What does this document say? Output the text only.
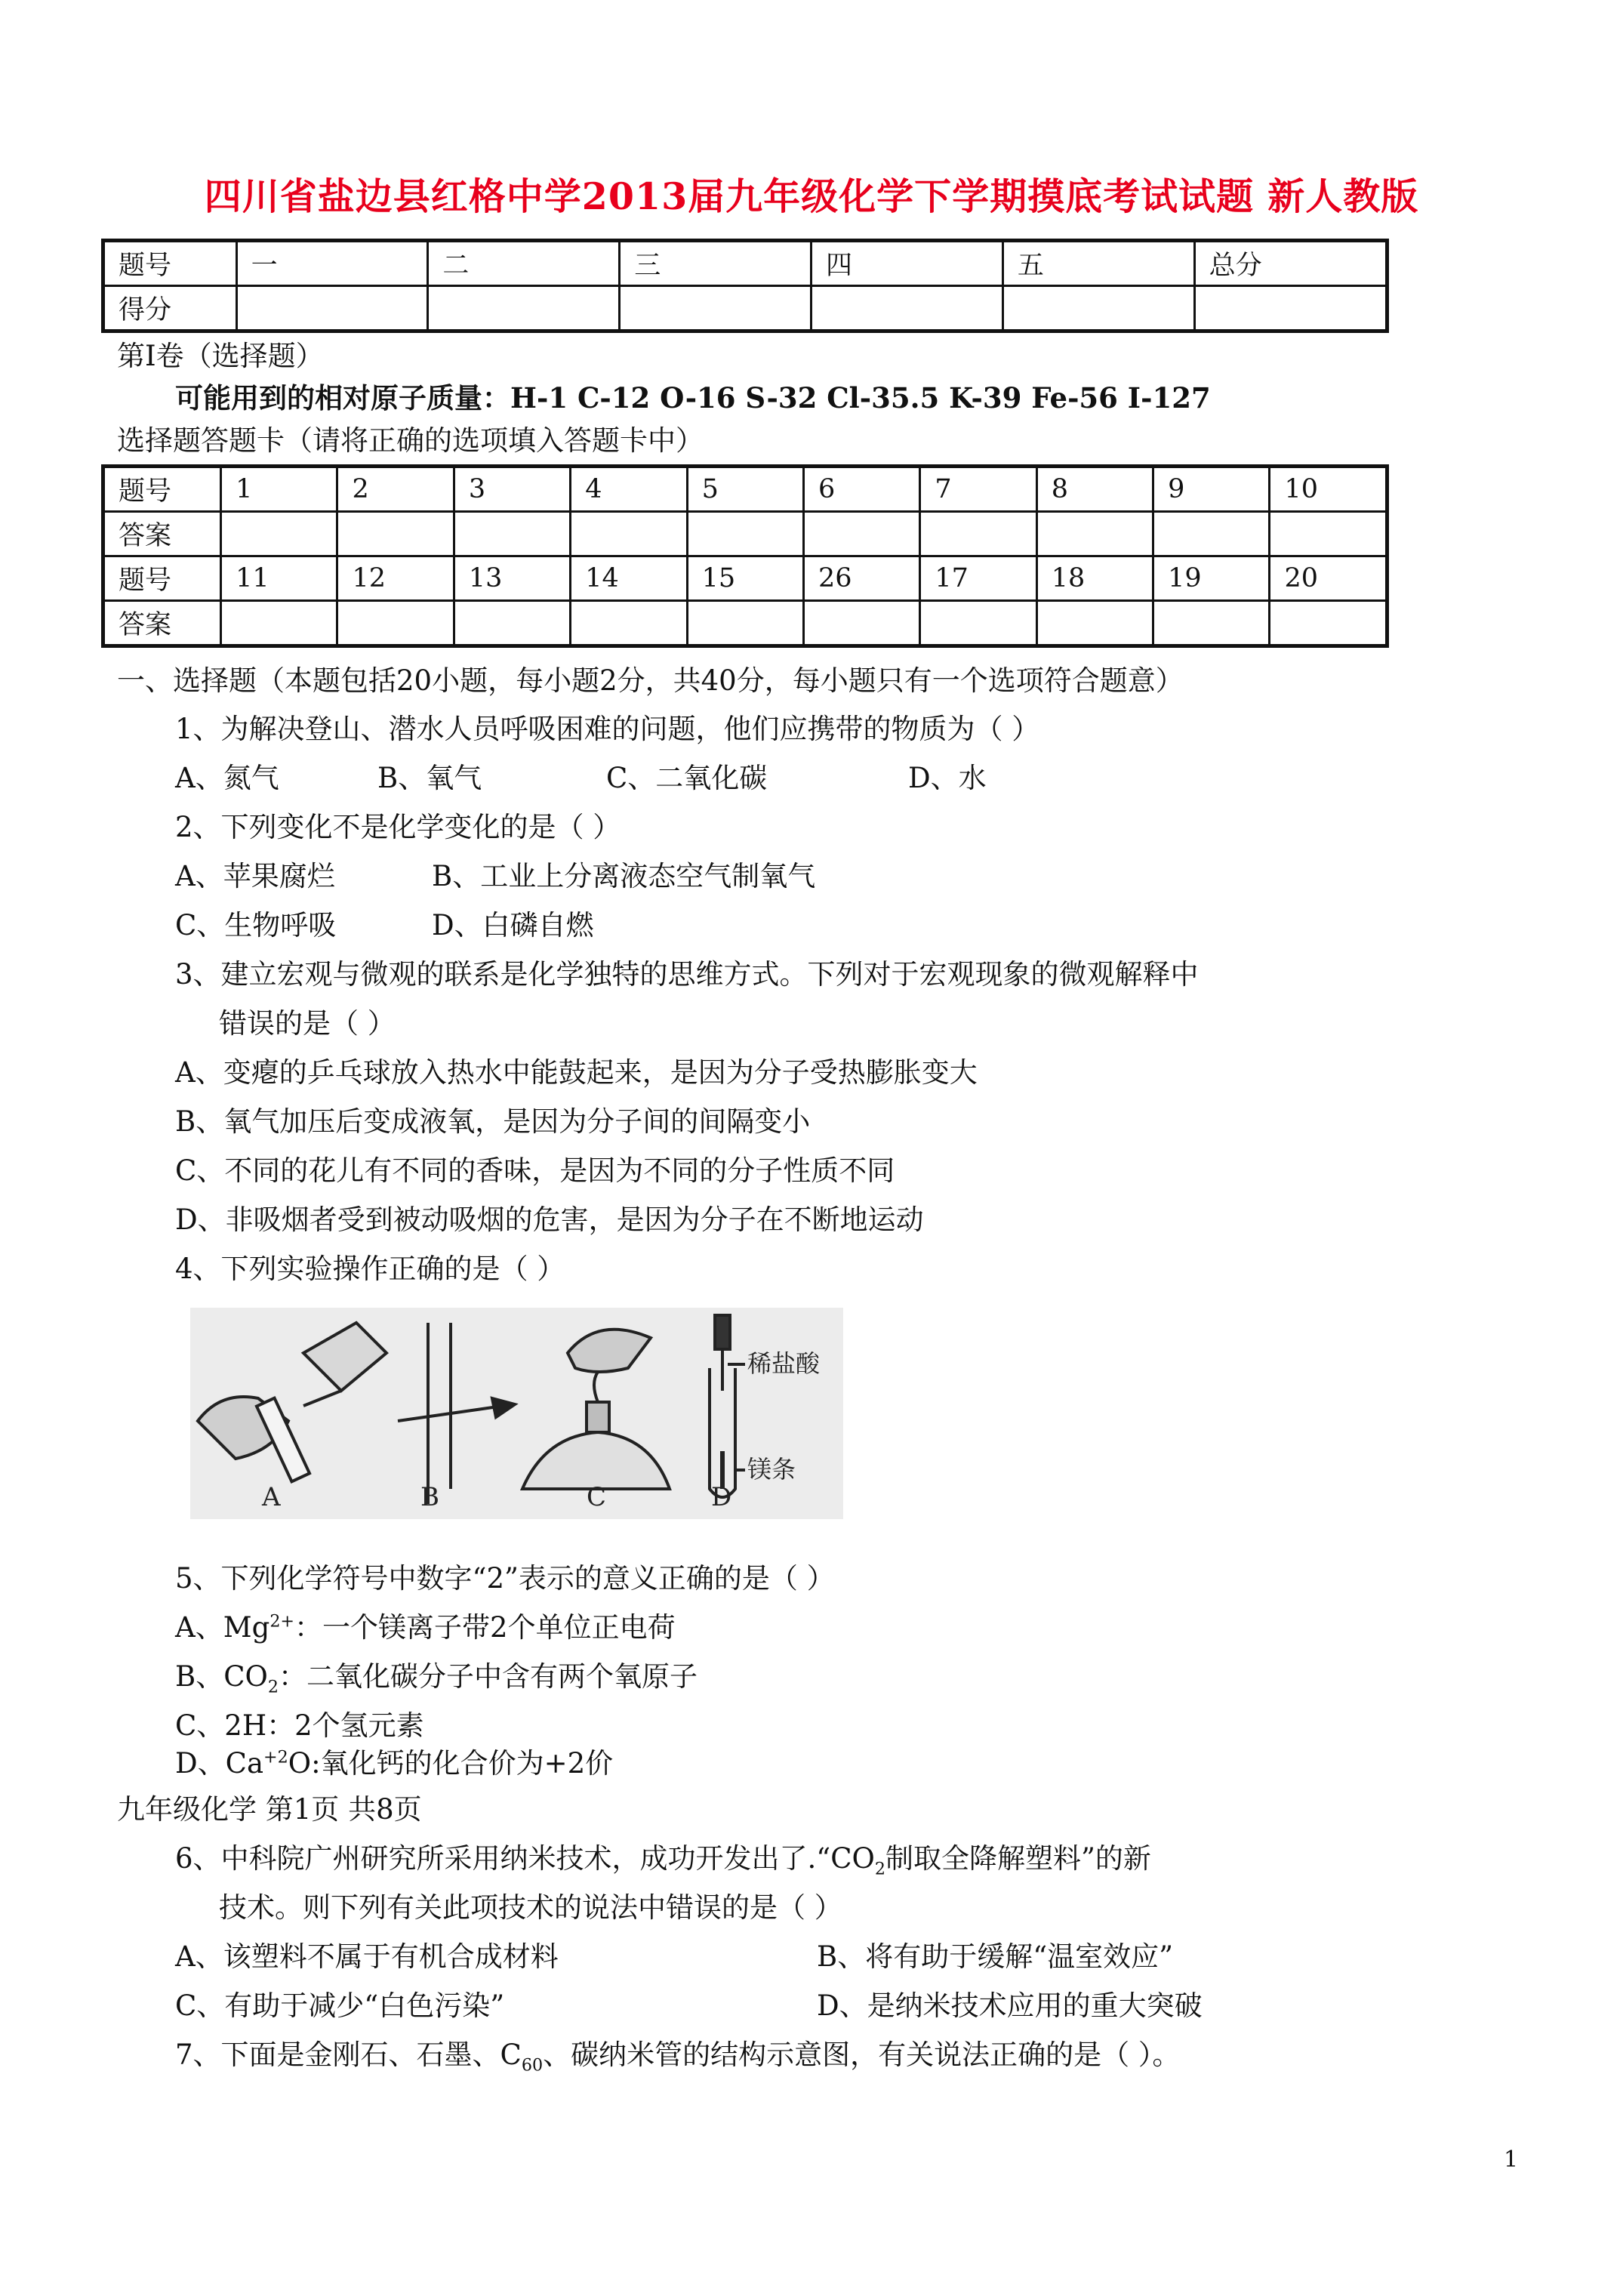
四川省盐边县红格中学2013届九年级化学下学期摸底考试试题 新人教版
题号	一	二	三	四	五	总分
得分						
第Ⅰ卷（选择题）
可能用到的相对原子质量：H-1 C-12 O-16 S-32 Cl-35.5 K-39 Fe-56 I-127
选择题答题卡（请将正确的选项填入答题卡中）
题号	1	2	3	4	5	6	7	8	9	10
答案										
题号	11	12	13	14	15	26	17	18	19	20
答案										
一、选择题（本题包括20小题，每小题2分，共40分，每小题只有一个选项符合题意）
1、为解决登山、潜水人员呼吸困难的问题，他们应携带的物质为（ ）
A、氮气	B、氧气	C、二氧化碳	D、水
2、下列变化不是化学变化的是（ ）
A、苹果腐烂	B、工业上分离液态空气制氧气
C、生物呼吸	D、白磷自燃
3、建立宏观与微观的联系是化学独特的思维方式。下列对于宏观现象的微观解释中
错误的是（ ）
A、变瘪的乒乓球放入热水中能鼓起来，是因为分子受热膨胀变大
B、氧气加压后变成液氧，是因为分子间的间隔变小
C、不同的花儿有不同的香味，是因为不同的分子性质不同
D、非吸烟者受到被动吸烟的危害，是因为分子在不断地运动
4、下列实验操作正确的是（ ）
稀盐酸
镁条
A	B	C	D
5、下列化学符号中数字“2”表示的意义正确的是（ ）
A、$Mg^{2+}$：一个镁离子带2个单位正电荷
B、$CO_2$：二氧化碳分子中含有两个氧原子
C、2H：2个氢元素
D、$Ca^{+2}O$:氧化钙的化合价为+2价
九年级化学 第1页 共8页
6、中科院广州研究所采用纳米技术，成功开发出了$.“CO_2$制取全降解塑料”的新
技术。则下列有关此项技术的说法中错误的是（ ）
A、该塑料不属于有机合成材料	B、将有助于缓解“温室效应”
C、有助于减少“白色污染”	D、是纳米技术应用的重大突破
7、下面是金刚石、石墨、$C_{60}$、碳纳米管的结构示意图，有关说法正确的是（ ）。
1
